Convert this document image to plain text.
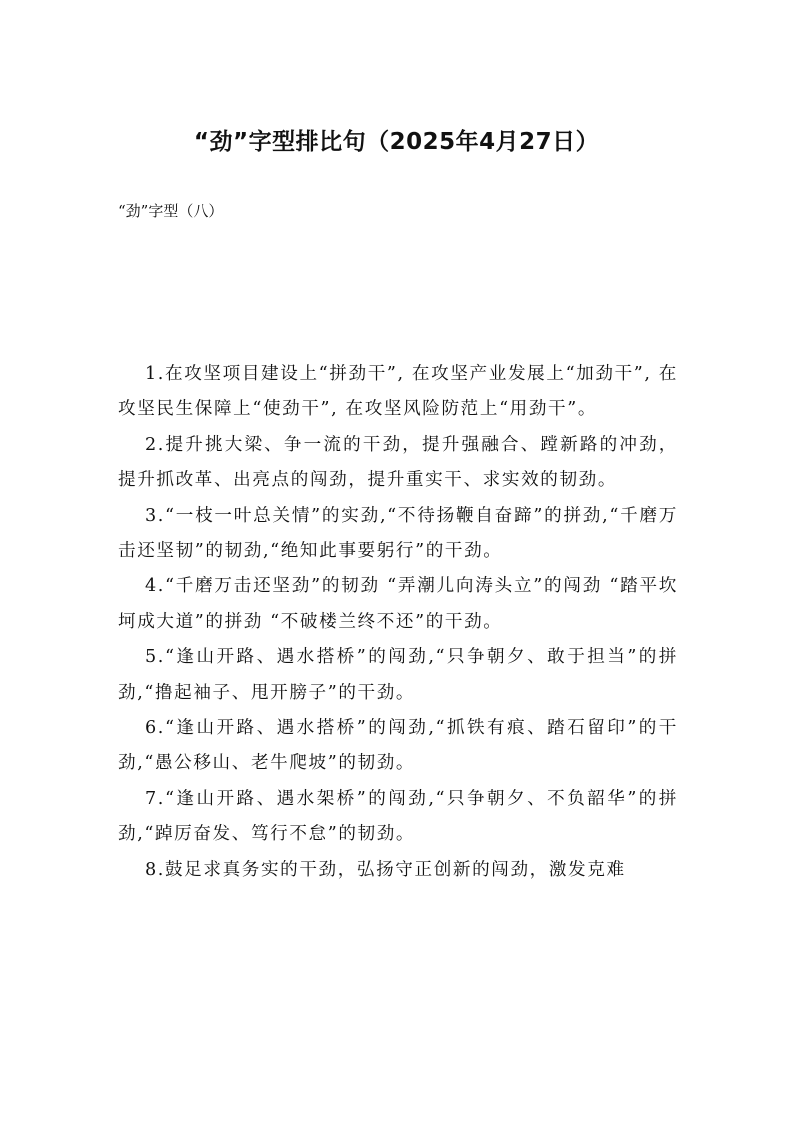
“劲”字型排比句（2025年4月27日）
“劲”字型（八）

1.在攻坚项目建设上“拼劲干”, 在攻坚产业发展上“加劲干”, 在攻坚民生保障上“使劲干”, 在攻坚风险防范上“用劲干”。

2.提升挑大梁、争一流的干劲，提升强融合、蹚新路的冲劲，提升抓改革、出亮点的闯劲，提升重实干、求实效的韧劲。

3.“一枝一叶总关情”的实劲,“不待扬鞭自奋蹄”的拼劲,“千磨万击还坚韧”的韧劲,“绝知此事要躬行”的干劲。

4.“千磨万击还坚劲”的韧劲 “弄潮儿向涛头立”的闯劲 “踏平坎坷成大道”的拼劲 “不破楼兰终不还”的干劲。

5.“逢山开路、遇水搭桥”的闯劲,“只争朝夕、敢于担当”的拼劲,“撸起袖子、甩开膀子”的干劲。

6.“逢山开路、遇水搭桥”的闯劲,“抓铁有痕、踏石留印”的干劲,“愚公移山、老牛爬坡”的韧劲。

7.“逢山开路、遇水架桥”的闯劲,“只争朝夕、不负韶华”的拼劲,“踔厉奋发、笃行不怠”的韧劲。

8.鼓足求真务实的干劲，弘扬守正创新的闯劲，激发克难
